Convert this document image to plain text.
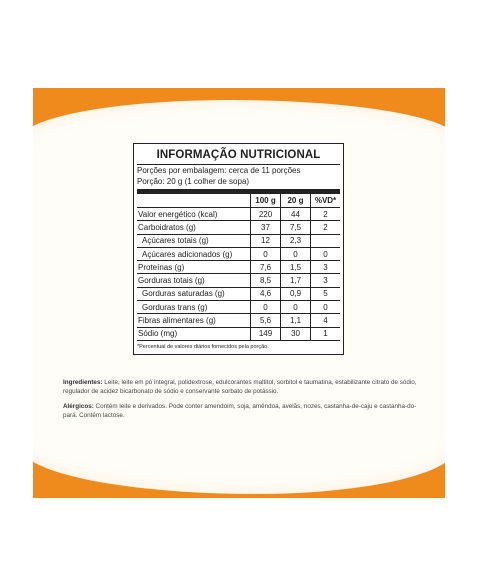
INFORMAÇÃO NUTRICIONAL
Porções por embalagem: cerca de 11 porções
Porção: 20 g (1 colher de sopa)
	100 g	20 g	%VD*
Valor energético (kcal)	220	44	2
Carboidratos (g)	37	7,5	2
Açúcares totais (g)	12	2,3	
Açúcares adicionados (g)	0	0	0
Proteínas (g)	7,6	1,5	3
Gorduras totais (g)	8,5	1,7	3
Gorduras saturadas (g)	4,6	0,9	5
Gorduras trans (g)	0	0	0
Fibras alimentares (g)	5,6	1,1	4
Sódio (mg)	149	30	1
*Percentual de valores diários fornecidos pela porção.

Ingredientes: Leite, leite em pó integral, polidextrose, edulcorantes maltitol, sorbitol e taumatina, estabilizante citrato de sódio, regulador de acidez bicarbonato de sódio e conservante sorbato de potássio.

Alérgicos: Contém leite e derivados. Pode conter amendoim, soja, amêndoa, avelãs, nozes, castanha-de-caju e castanha-do-pará. Contém lactose.
